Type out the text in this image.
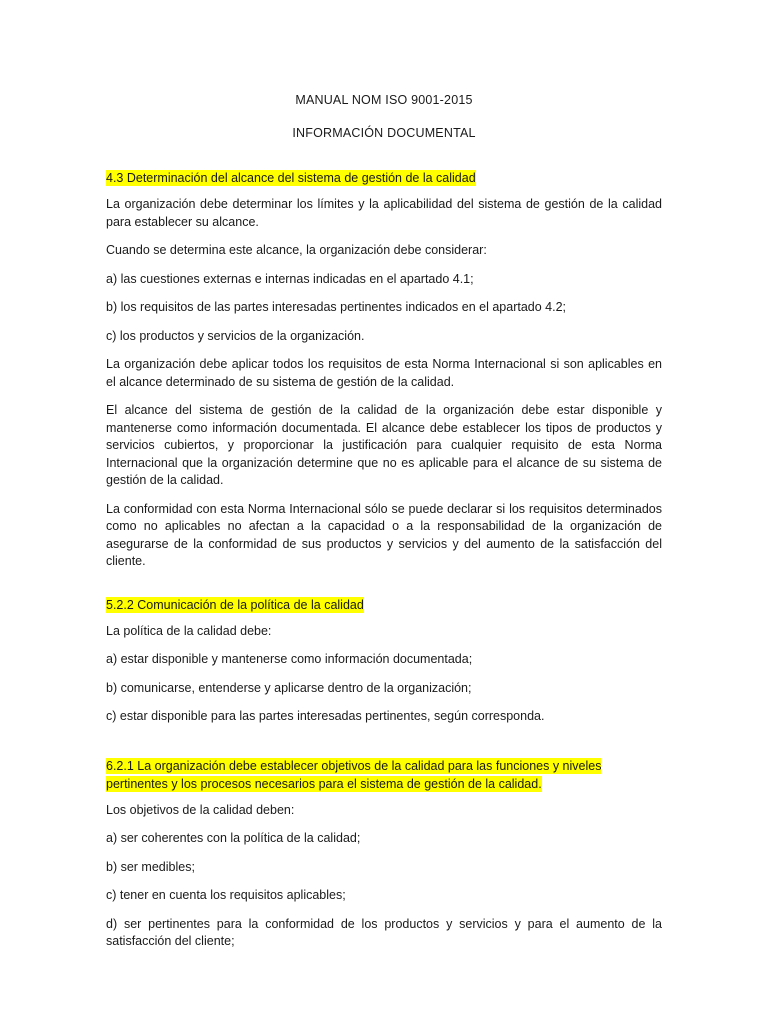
MANUAL NOM ISO 9001-2015
INFORMACIÓN DOCUMENTAL
4.3 Determinación del alcance del sistema de gestión de la calidad

La organización debe determinar los límites y la aplicabilidad del sistema de gestión de la calidad para establecer su alcance.

Cuando se determina este alcance, la organización debe considerar:

a) las cuestiones externas e internas indicadas en el apartado 4.1;

b) los requisitos de las partes interesadas pertinentes indicados en el apartado 4.2;

c) los productos y servicios de la organización.

La organización debe aplicar todos los requisitos de esta Norma Internacional si son aplicables en el alcance determinado de su sistema de gestión de la calidad.

El alcance del sistema de gestión de la calidad de la organización debe estar disponible y mantenerse como información documentada. El alcance debe establecer los tipos de productos y servicios cubiertos, y proporcionar la justificación para cualquier requisito de esta Norma Internacional que la organización determine que no es aplicable para el alcance de su sistema de gestión de la calidad.

La conformidad con esta Norma Internacional sólo se puede declarar si los requisitos determinados como no aplicables no afectan a la capacidad o a la responsabilidad de la organización de asegurarse de la conformidad de sus productos y servicios y del aumento de la satisfacción del cliente.

5.2.2 Comunicación de la política de la calidad

La política de la calidad debe:

a) estar disponible y mantenerse como información documentada;

b) comunicarse, entenderse y aplicarse dentro de la organización;

c) estar disponible para las partes interesadas pertinentes, según corresponda.

6.2.1 La organización debe establecer objetivos de la calidad para las funciones y niveles pertinentes y los procesos necesarios para el sistema de gestión de la calidad.

Los objetivos de la calidad deben:

a) ser coherentes con la política de la calidad;

b) ser medibles;

c) tener en cuenta los requisitos aplicables;

d) ser pertinentes para la conformidad de los productos y servicios y para el aumento de la satisfacción del cliente;
